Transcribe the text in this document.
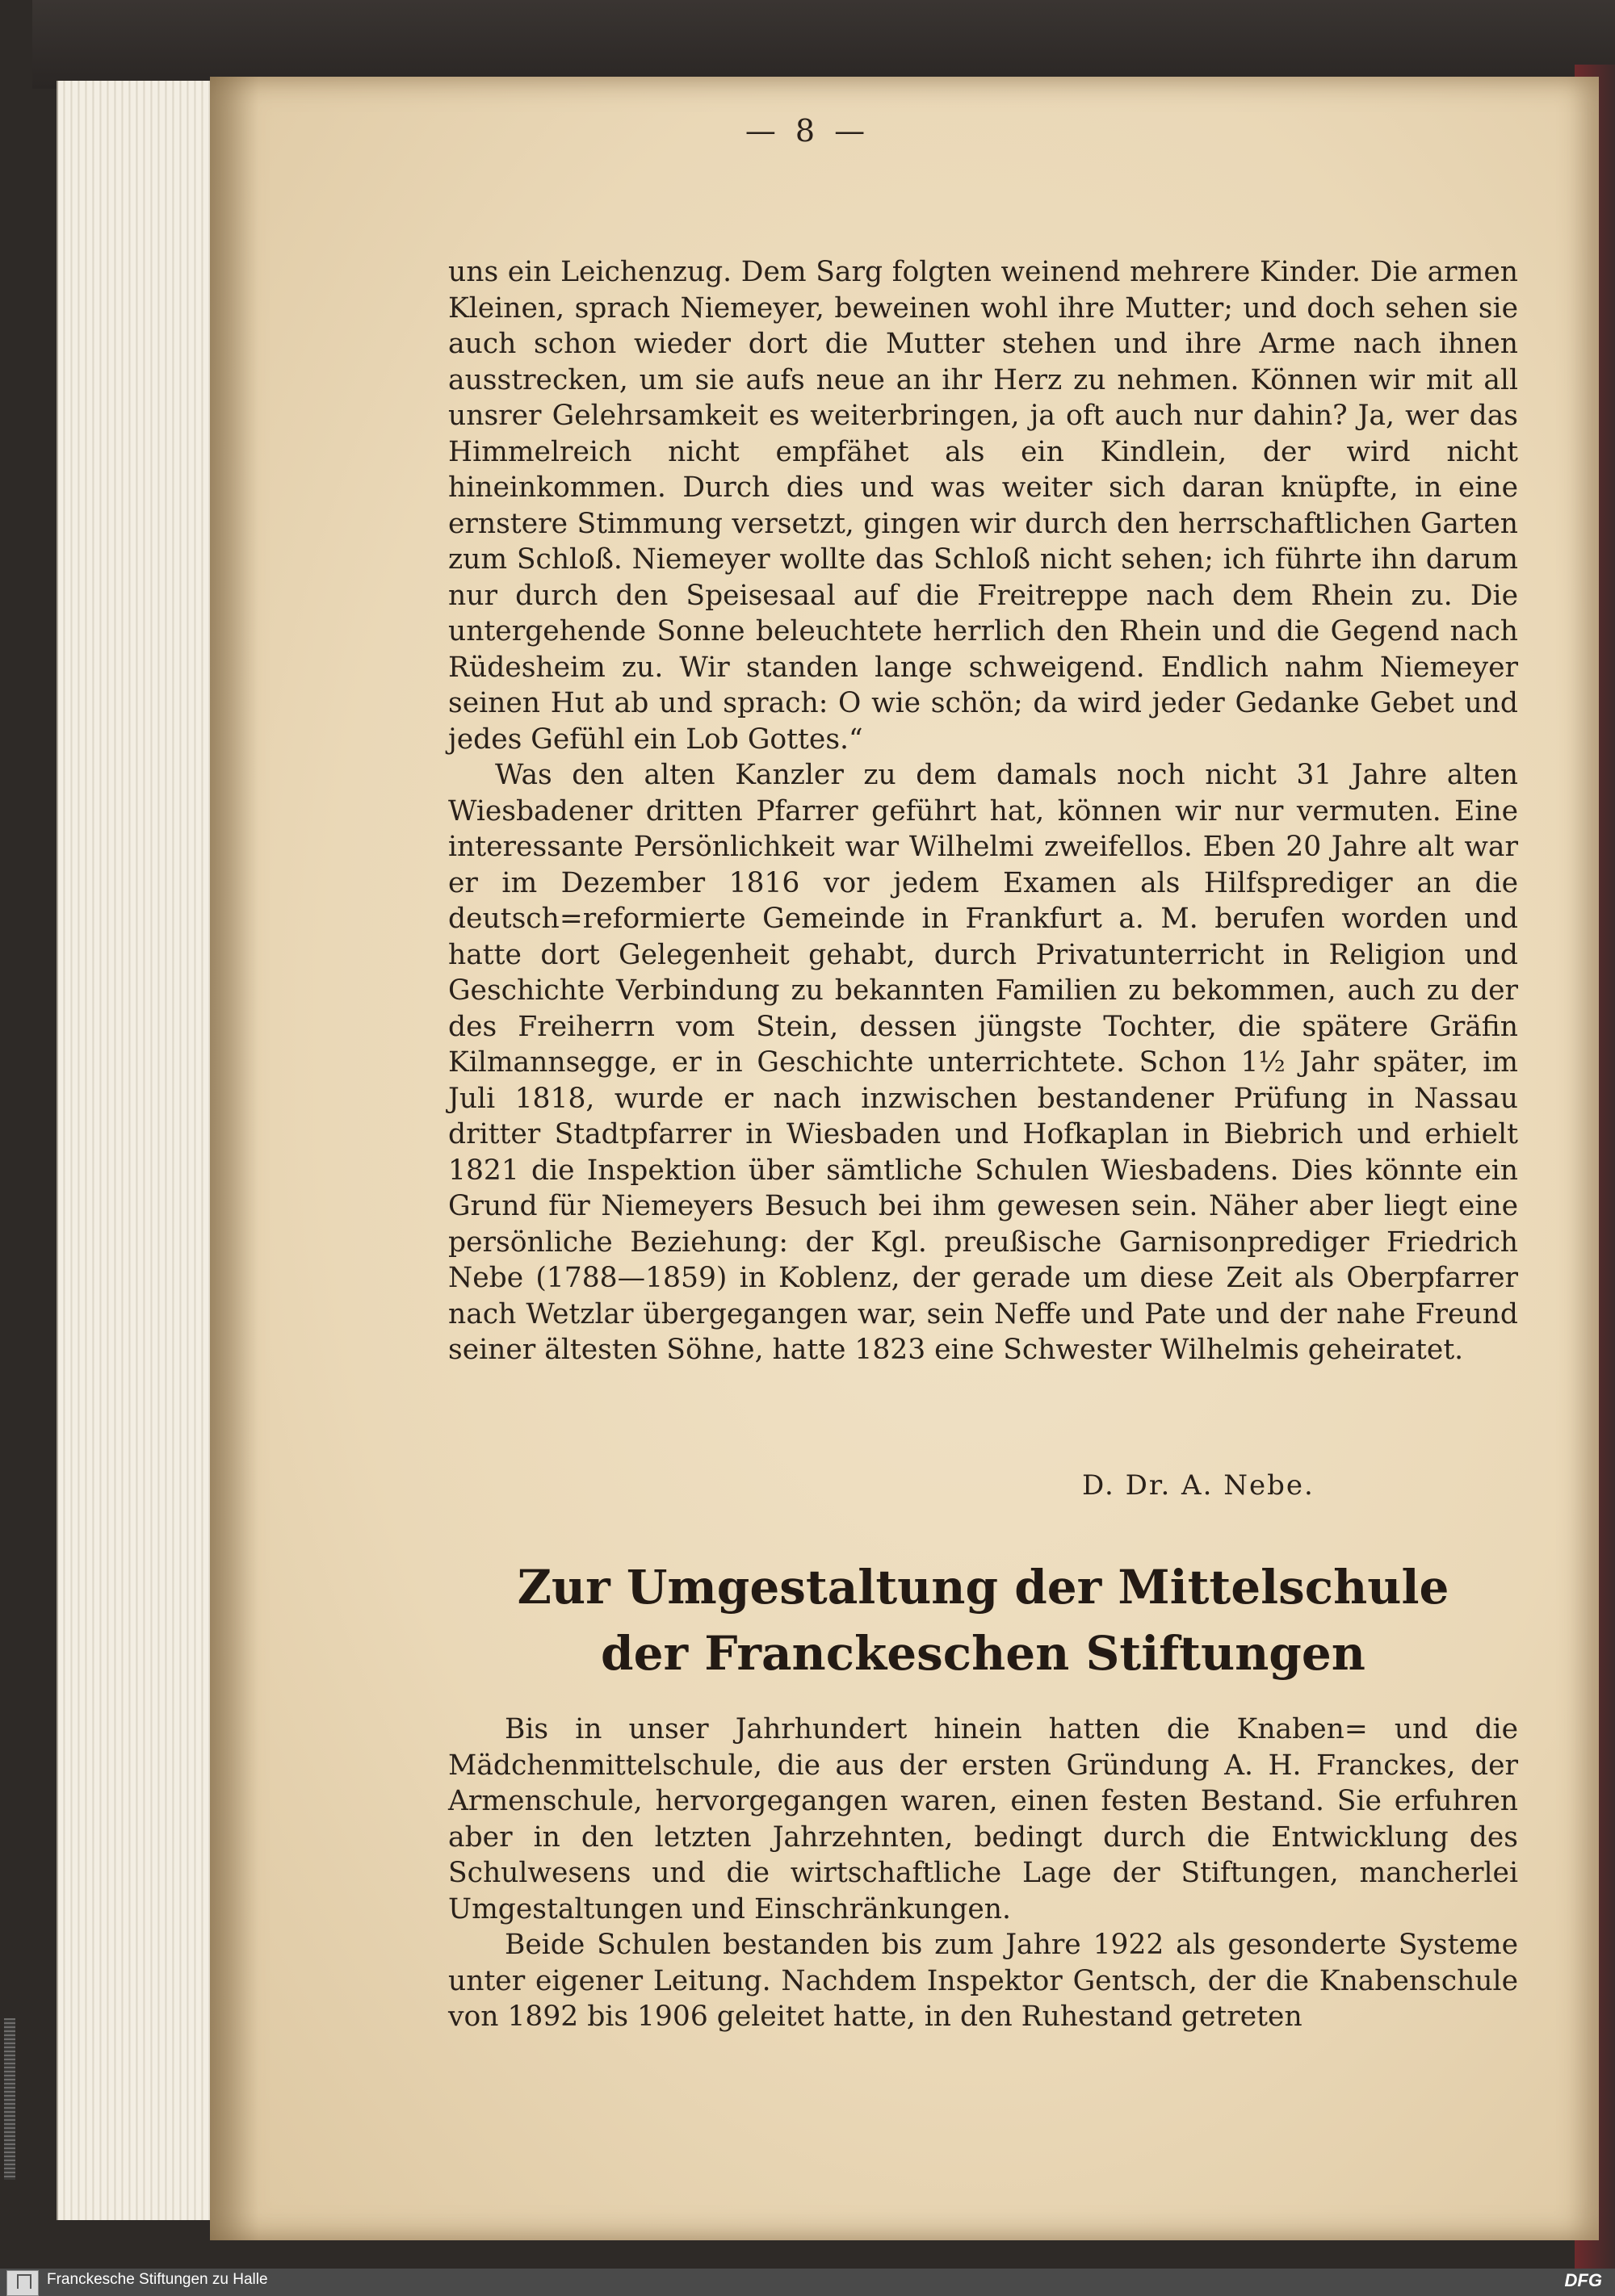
— 8 —

uns ein Leichenzug. Dem Sarg folgten weinend mehrere Kinder. Die armen Kleinen, sprach Niemeyer, beweinen wohl ihre Mutter; und doch sehen sie auch schon wieder dort die Mutter stehen und ihre Arme nach ihnen ausstrecken, um sie aufs neue an ihr Herz zu nehmen. Können wir mit all unsrer Gelehrsamkeit es weiterbringen, ja oft auch nur dahin? Ja, wer das Himmelreich nicht empfähet als ein Kindlein, der wird nicht hineinkommen. Durch dies und was weiter sich daran knüpfte, in eine ernstere Stimmung versetzt, gingen wir durch den herrschaftlichen Garten zum Schloß. Niemeyer wollte das Schloß nicht sehen; ich führte ihn darum nur durch den Speisesaal auf die Freitreppe nach dem Rhein zu. Die untergehende Sonne beleuchtete herrlich den Rhein und die Gegend nach Rüdesheim zu. Wir standen lange schweigend. Endlich nahm Niemeyer seinen Hut ab und sprach: O wie schön; da wird jeder Gedanke Gebet und jedes Gefühl ein Lob Gottes.“

Was den alten Kanzler zu dem damals noch nicht 31 Jahre alten Wiesbadener dritten Pfarrer geführt hat, können wir nur vermuten. Eine interessante Persönlichkeit war Wilhelmi zweifellos. Eben 20 Jahre alt war er im Dezember 1816 vor jedem Examen als Hilfsprediger an die deutsch=reformierte Gemeinde in Frankfurt a. M. berufen worden und hatte dort Gelegenheit gehabt, durch Privatunterricht in Religion und Geschichte Verbindung zu bekannten Familien zu bekommen, auch zu der des Freiherrn vom Stein, dessen jüngste Tochter, die spätere Gräfin Kilmannsegge, er in Geschichte unterrichtete. Schon 1½ Jahr später, im Juli 1818, wurde er nach inzwischen bestandener Prüfung in Nassau dritter Stadtpfarrer in Wiesbaden und Hofkaplan in Biebrich und erhielt 1821 die Inspektion über sämtliche Schulen Wiesbadens. Dies könnte ein Grund für Niemeyers Besuch bei ihm gewesen sein. Näher aber liegt eine persönliche Beziehung: der Kgl. preußische Garnisonprediger Friedrich Nebe (1788—1859) in Koblenz, der gerade um diese Zeit als Oberpfarrer nach Wetzlar übergegangen war, sein Neffe und Pate und der nahe Freund seiner ältesten Söhne, hatte 1823 eine Schwester Wilhelmis geheiratet.

D. Dr. A. Nebe.
Zur Umgestaltung der Mittelschule
der Franckeschen Stiftungen

Bis in unser Jahrhundert hinein hatten die Knaben= und die Mädchenmittelschule, die aus der ersten Gründung A. H. Franckes, der Armenschule, hervorgegangen waren, einen festen Bestand. Sie erfuhren aber in den letzten Jahrzehnten, bedingt durch die Entwicklung des Schulwesens und die wirtschaftliche Lage der Stiftungen, mancherlei Umgestaltungen und Einschränkungen.

Beide Schulen bestanden bis zum Jahre 1922 als gesonderte Systeme unter eigener Leitung. Nachdem Inspektor Gentsch, der die Knabenschule von 1892 bis 1906 geleitet hatte, in den Ruhestand getreten

Franckesche Stiftungen zu Halle	DFG
